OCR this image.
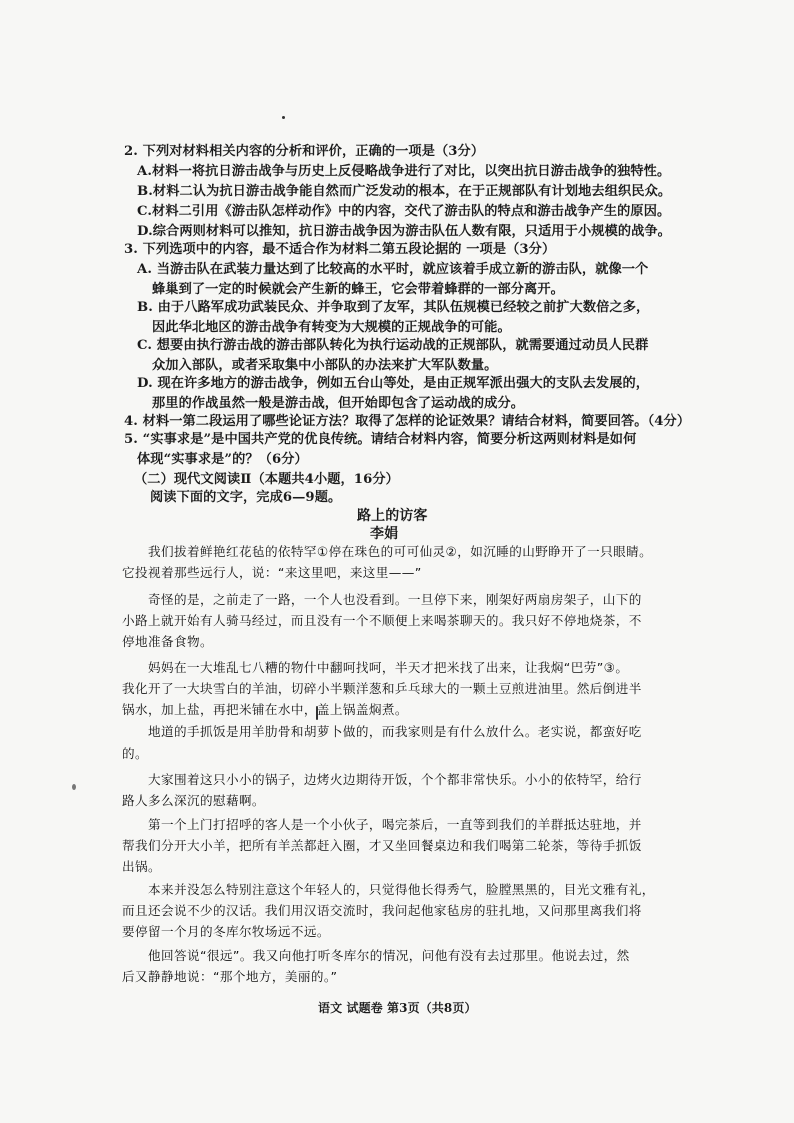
2. 下列对材料相关内容的分析和评价，正确的一项是（3分）
A.材料一将抗日游击战争与历史上反侵略战争进行了对比，以突出抗日游击战争的独特性。
B.材料二认为抗日游击战争能自然而广泛发动的根本，在于正规部队有计划地去组织民众。
C.材料二引用《游击队怎样动作》中的内容，交代了游击队的特点和游击战争产生的原因。
D.综合两则材料可以推知，抗日游击战争因为游击队伍人数有限，只适用于小规模的战争。
3. 下列选项中的内容，最不适合作为材料二第五段论据的 一项是（3分）
A. 当游击队在武装力量达到了比较高的水平时，就应该着手成立新的游击队，就像一个
蜂巢到了一定的时候就会产生新的蜂王，它会带着蜂群的一部分离开。
B. 由于八路军成功武装民众、并争取到了友军，其队伍规模已经较之前扩大数倍之多，
因此华北地区的游击战争有转变为大规模的正规战争的可能。
C. 想要由执行游击战的游击部队转化为执行运动战的正规部队，就需要通过动员人民群
众加入部队，或者采取集中小部队的办法来扩大军队数量。
D. 现在许多地方的游击战争，例如五台山等处，是由正规军派出强大的支队去发展的，
那里的作战虽然一般是游击战，但开始即包含了运动战的成分。
4. 材料一第二段运用了哪些论证方法？取得了怎样的论证效果？请结合材料，简要回答。（4分）
5. “实事求是”是中国共产党的优良传统。请结合材料内容，简要分析这两则材料是如何
体现“实事求是”的？（6分）
（二）现代文阅读Ⅱ（本题共4小题，16分）
阅读下面的文字，完成6—9题。
路上的访客
李娟
我们拔着鲜艳红花毡的依特罕①停在珠色的可可仙灵②，如沉睡的山野睁开了一只眼睛。
它投视着那些远行人，说：“来这里吧，来这里——”
奇怪的是，之前走了一路，一个人也没看到。一旦停下来，刚架好两扇房架子，山下的
小路上就开始有人骑马经过，而且没有一个不顺便上来喝茶聊天的。我只好不停地烧茶，不
停地准备食物。
妈妈在一大堆乱七八糟的物什中翻呵找呵，半天才把米找了出来，让我焖“巴劳”③。
我化开了一大块雪白的羊油，切碎小半颗洋葱和乒乓球大的一颗土豆煎进油里。然后倒进半
锅水，加上盐，再把米铺在水中，盖上锅盖焖煮。
地道的手抓饭是用羊肋骨和胡萝卜做的，而我家则是有什么放什么。老实说，都蛮好吃
的。
大家围着这只小小的锅子，边烤火边期待开饭，个个都非常快乐。小小的依特罕，给行
路人多么深沉的慰藉啊。
第一个上门打招呼的客人是一个小伙子，喝完茶后，一直等到我们的羊群抵达驻地，并
帮我们分开大小羊，把所有羊羔都赶入圈，才又坐回餐桌边和我们喝第二轮茶，等待手抓饭
出锅。
本来并没怎么特别注意这个年轻人的，只觉得他长得秀气，脸膛黑黑的，目光文雅有礼，
而且还会说不少的汉话。我们用汉语交流时，我问起他家毡房的驻扎地，又问那里离我们将
要停留一个月的冬库尔牧场远不远。
他回答说“很远”。我又向他打听冬库尔的情况，问他有没有去过那里。他说去过，然
后又静静地说：“那个地方，美丽的。”
语文 试题卷 第3页（共8页）
